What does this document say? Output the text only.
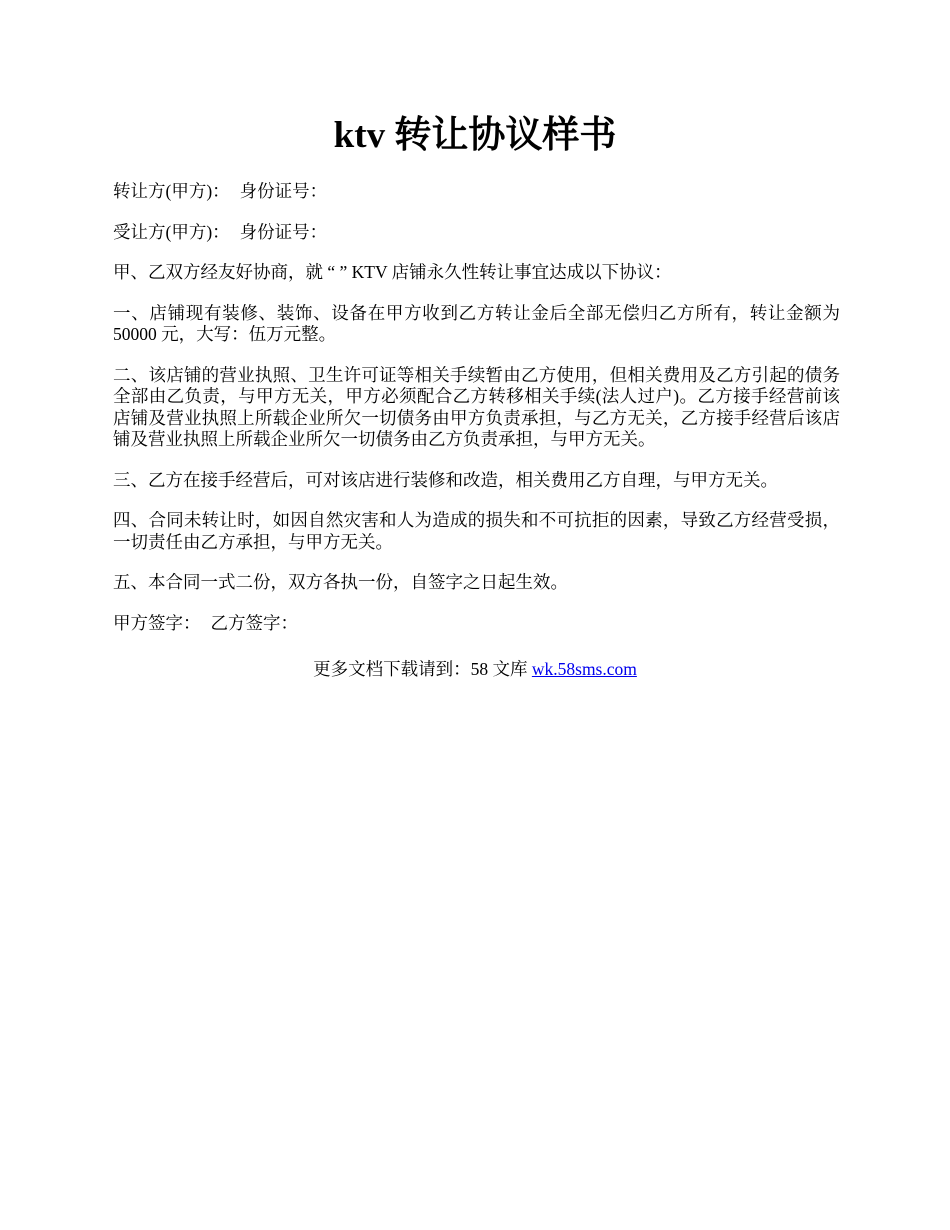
ktv 转让协议样书

转让方(甲方)： 身份证号：

受让方(甲方)： 身份证号：

甲、乙双方经友好协商，就 “ ” KTV 店铺永久性转让事宜达成以下协议：

一、店铺现有装修、装饰、设备在甲方收到乙方转让金后全部无偿归乙方所有，转让金额为 50000 元，大写：伍万元整。

二、该店铺的营业执照、卫生许可证等相关手续暂由乙方使用，但相关费用及乙方引起的债务全部由乙负责，与甲方无关，甲方必须配合乙方转移相关手续(法人过户)。乙方接手经营前该店铺及营业执照上所载企业所欠一切债务由甲方负责承担，与乙方无关，乙方接手经营后该店铺及营业执照上所载企业所欠一切债务由乙方负责承担，与甲方无关。

三、乙方在接手经营后，可对该店进行装修和改造，相关费用乙方自理，与甲方无关。

四、合同未转让时，如因自然灾害和人为造成的损失和不可抗拒的因素，导致乙方经营受损，一切责任由乙方承担，与甲方无关。

五、本合同一式二份，双方各执一份，自签字之日起生效。

甲方签字： 乙方签字：

更多文档下载请到：58 文库 wk.58sms.com
